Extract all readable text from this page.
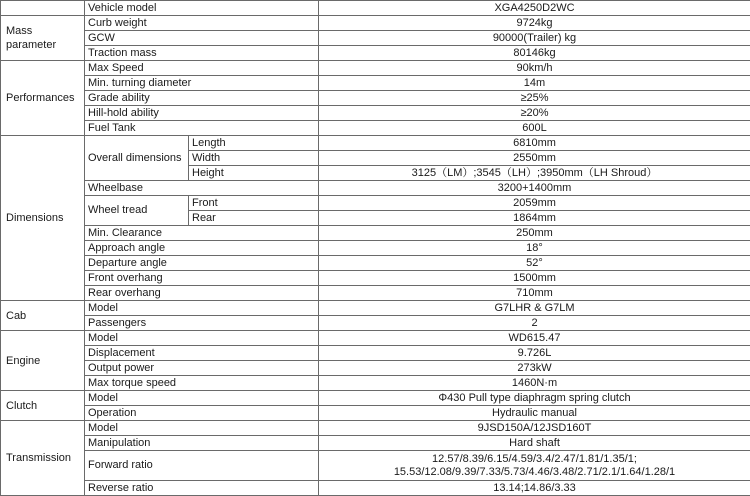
	Vehicle model		XGA4250D2WC
Mass parameter	Curb weight		9724kg
	GCW		90000(Trailer) kg
	Traction mass		80146kg
Performances	Max Speed		90km/h
	Min. turning diameter		14m
	Grade ability		≥25%
	Hill-hold ability		≥20%
	Fuel Tank		600L
Dimensions	Overall dimensions	Length	6810mm
		Width	2550mm
		Height	3125（LM）;3545（LH）;3950mm（LH Shroud）
	Wheelbase		3200+1400mm
	Wheel tread	Front	2059mm
		Rear	1864mm
	Min. Clearance		250mm
	Approach angle		18°
	Departure angle		52°
	Front overhang		1500mm
	Rear overhang		710mm
Cab	Model		G7LHR & G7LM
	Passengers		2
Engine	Model		WD615.47
	Displacement		9.726L
	Output power		273kW
	Max torque speed		1460N·m
Clutch	Model		Φ430 Pull type diaphragm spring clutch
	Operation		Hydraulic manual
Transmission	Model		9JSD150A/12JSD160T
	Manipulation		Hard shaft
	Forward ratio		12.57/8.39/6.15/4.59/3.4/2.47/1.81/1.35/1;
15.53/12.08/9.39/7.33/5.73/4.46/3.48/2.71/2.1/1.64/1.28/1

	Reverse ratio		13.14;14.86/3.33
